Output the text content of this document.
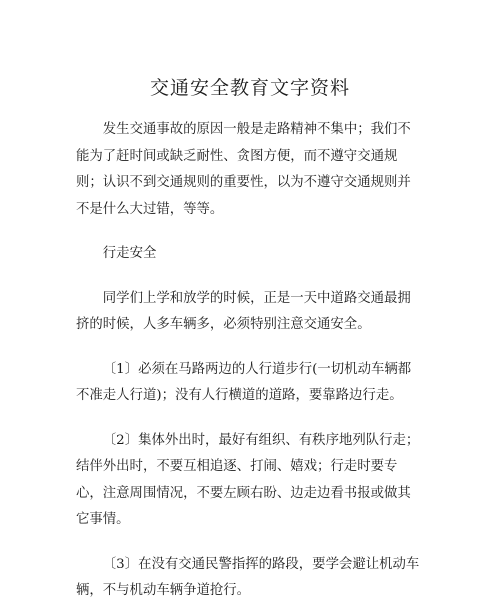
交通安全教育文字资料

发生交通事故的原因一般是走路精神不集中；我们不能为了赶时间或缺乏耐性、贪图方便，而不遵守交通规则；认识不到交通规则的重要性，以为不遵守交通规则并不是什么大过错，等等。

行走安全

同学们上学和放学的时候，正是一天中道路交通最拥挤的时候，人多车辆多，必须特别注意交通安全。

〔1〕必须在马路两边的人行道步行(一切机动车辆都不准走人行道)；没有人行横道的道路，要靠路边行走。

〔2〕集体外出时，最好有组织、有秩序地列队行走；结伴外出时，不要互相追逐、打闹、嬉戏；行走时要专心，注意周围情况，不要左顾右盼、边走边看书报或做其它事情。

〔3〕在没有交通民警指挥的路段，要学会避让机动车辆，不与机动车辆争道抢行。
